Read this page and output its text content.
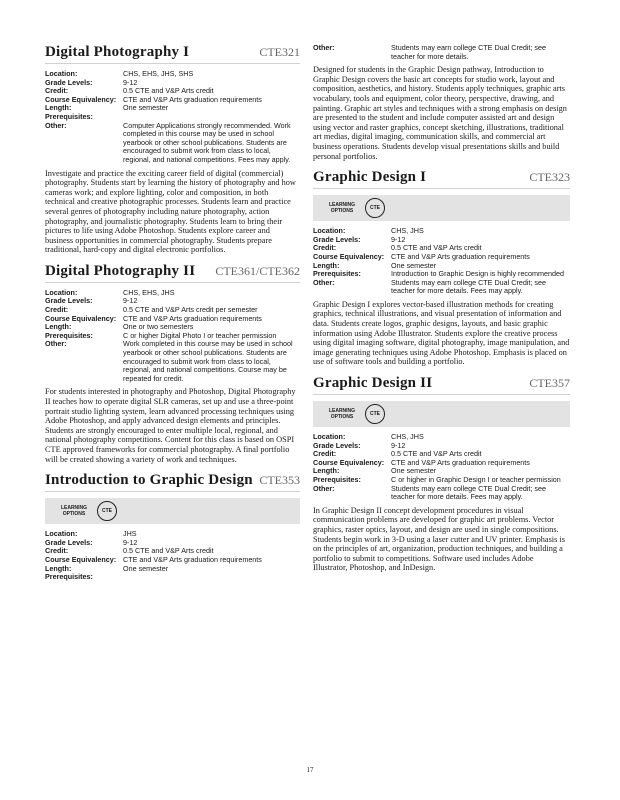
Digital Photography I	CTE321
Location:	CHS, EHS, JHS, SHS
Grade Levels:	9-12
Credit:	0.5 CTE and V&P Arts credit
Course Equivalency:	CTE and V&P Arts graduation requirements
Length:	One semester
Prerequisites:	
Other:	Computer Applications strongly recommended. Work completed in this course may be used in school yearbook or other school publications. Students are encouraged to submit work from class to local, regional, and national competitions. Fees may apply.

Investigate and practice the exciting career field of digital (commercial) photography. Students start by learning the history of photography and how cameras work; and explore lighting, color and composition, in both technical and creative photographic processes. Students learn and practice several genres of photography including nature photography, action photography, and journalistic photography. Students learn to bring their pictures to life using Adobe Photoshop. Students explore career and business opportunities in commercial photography. Students prepare traditional, hard-copy and digital electronic portfolios.

Digital Photography II CTE361/CTE362
Location:	CHS, EHS, JHS
Grade Levels:	9-12
Credit:	0.5 CTE and V&P Arts credit per semester
Course Equivalency:	CTE and V&P Arts graduation requirements
Length:	One or two semesters
Prerequisites:	C or higher Digital Photo I or teacher permission
Other:	Work completed in this course may be used in school yearbook or other school publications. Students are encouraged to submit work from class to local, regional, and national competitions. Course may be repeated for credit.

For students interested in photography and Photoshop, Digital Photography II teaches how to operate digital SLR cameras, set up and use a three-point portrait studio lighting system, learn advanced processing techniques using Adobe Photoshop, and apply advanced design elements and principles. Students are strongly encouraged to enter multiple local, regional, and national photography competitions. Content for this class is based on OSPI CTE approved frameworks for commercial photography. A final portfolio will be created showing a variety of work and techniques.

Introduction to Graphic Design CTE353
LEARNING OPTIONS	CTE
Location:	JHS
Grade Levels:	9-12
Credit:	0.5 CTE and V&P Arts credit
Course Equivalency:	CTE and V&P Arts graduation requirements
Length:	One semester
Prerequisites:	
Other:	Students may earn college CTE Dual Credit; see teacher for more details.

Designed for students in the Graphic Design pathway, Introduction to Graphic Design covers the basic art concepts for studio work, layout and composition, aesthetics, and history. Students apply techniques, graphic arts vocabulary, tools and equipment, color theory, perspective, drawing, and painting. Graphic art styles and techniques with a strong emphasis on design are presented to the student and include computer assisted art and design using vector and raster graphics, concept sketching, illustrations, traditional art medias, digital imaging, communication skills, and commercial art business operations. Students develop visual presentations skills and build personal portfolios.

Graphic Design I	CTE323
LEARNING OPTIONS	CTE
Location:	CHS, JHS
Grade Levels:	9-12
Credit:	0.5 CTE and V&P Arts credit
Course Equivalency:	CTE and V&P Arts graduation requirements
Length:	One semester
Prerequisites:	Introduction to Graphic Design is highly recommended
Other:	Students may earn college CTE Dual Credit; see teacher for more details. Fees may apply.

Graphic Design I explores vector-based illustration methods for creating graphics, technical illustrations, and visual presentation of information and data. Students create logos, graphic designs, layouts, and basic graphic information using Adobe Illustrator. Students explore the creative process using digital imaging software, digital photography, image manipulation, and image generating techniques using Adobe Photoshop. Emphasis is placed on use of software tools and building a portfolio.

Graphic Design II	CTE357
LEARNING OPTIONS	CTE
Location:	CHS, JHS
Grade Levels:	9-12
Credit:	0.5 CTE and V&P Arts credit
Course Equivalency:	CTE and V&P Arts graduation requirements
Length:	One semester
Prerequisites:	C or higher in Graphic Design I or teacher permission
Other:	Students may earn college CTE Dual Credit; see teacher for more details. Fees may apply.

In Graphic Design II concept development procedures in visual communication problems are developed for graphic art problems. Vector graphics, raster optics, layout, and design are used in single compositions. Students begin work in 3-D using a laser cutter and UV printer. Emphasis is on the principles of art, organization, production techniques, and building a portfolio to submit to competitions. Software used includes Adobe Illustrator, Photoshop, and InDesign.

17
